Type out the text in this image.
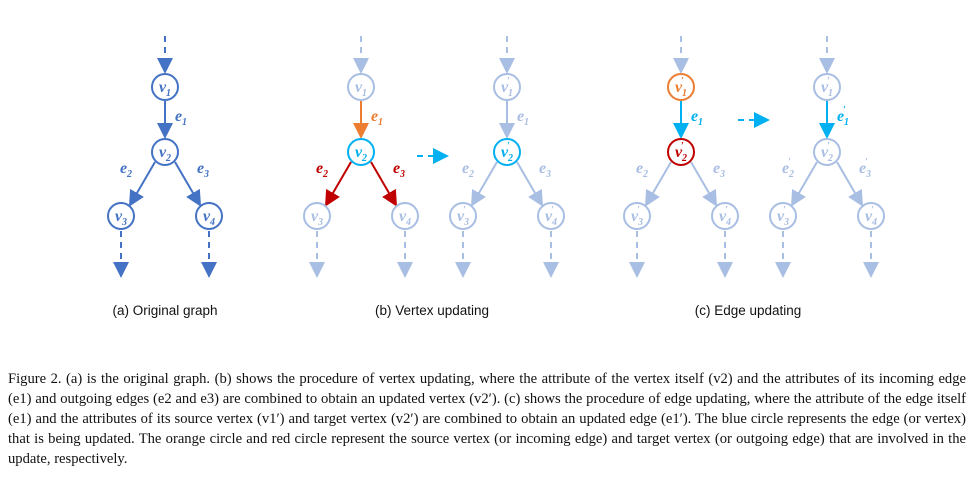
$v_1$
$v_2$
$v_3$	$v_4$
$e_1$
$e_2$	$e_3$
$v_1$
$v_2$
$v_3$	$v_4$
$e_1$
$e_2$	$e_3$
$v_1'$
$v_2'$
$v_3'$	$v_4'$
$e_1$
$e_2$	$e_3$
$v_1'$
$v_2'$
$v_3'$	$v_4'$
$e_1$
$e_2$	$e_3$
$v_1'$
$v_2'$
$v_3'$	$v_4'$
$e_1'$
$e_2'$	$e_3'$
(a) Original graph	(b) Vertex updating	(c) Edge updating

Figure 2. (a) is the original graph. (b) shows the procedure of vertex updating, where the attribute of the vertex itself (v2) and the attributes of its incoming edge (e1) and outgoing edges (e2 and e3) are combined to obtain an updated vertex (v2′). (c) shows the procedure of edge updating, where the attribute of the edge itself (e1) and the attributes of its source vertex (v1′) and target vertex (v2′) are combined to obtain an updated edge (e1′). The blue circle represents the edge (or vertex) that is being updated. The orange circle and red circle represent the source vertex (or incoming edge) and target vertex (or outgoing edge) that are involved in the update, respectively.
